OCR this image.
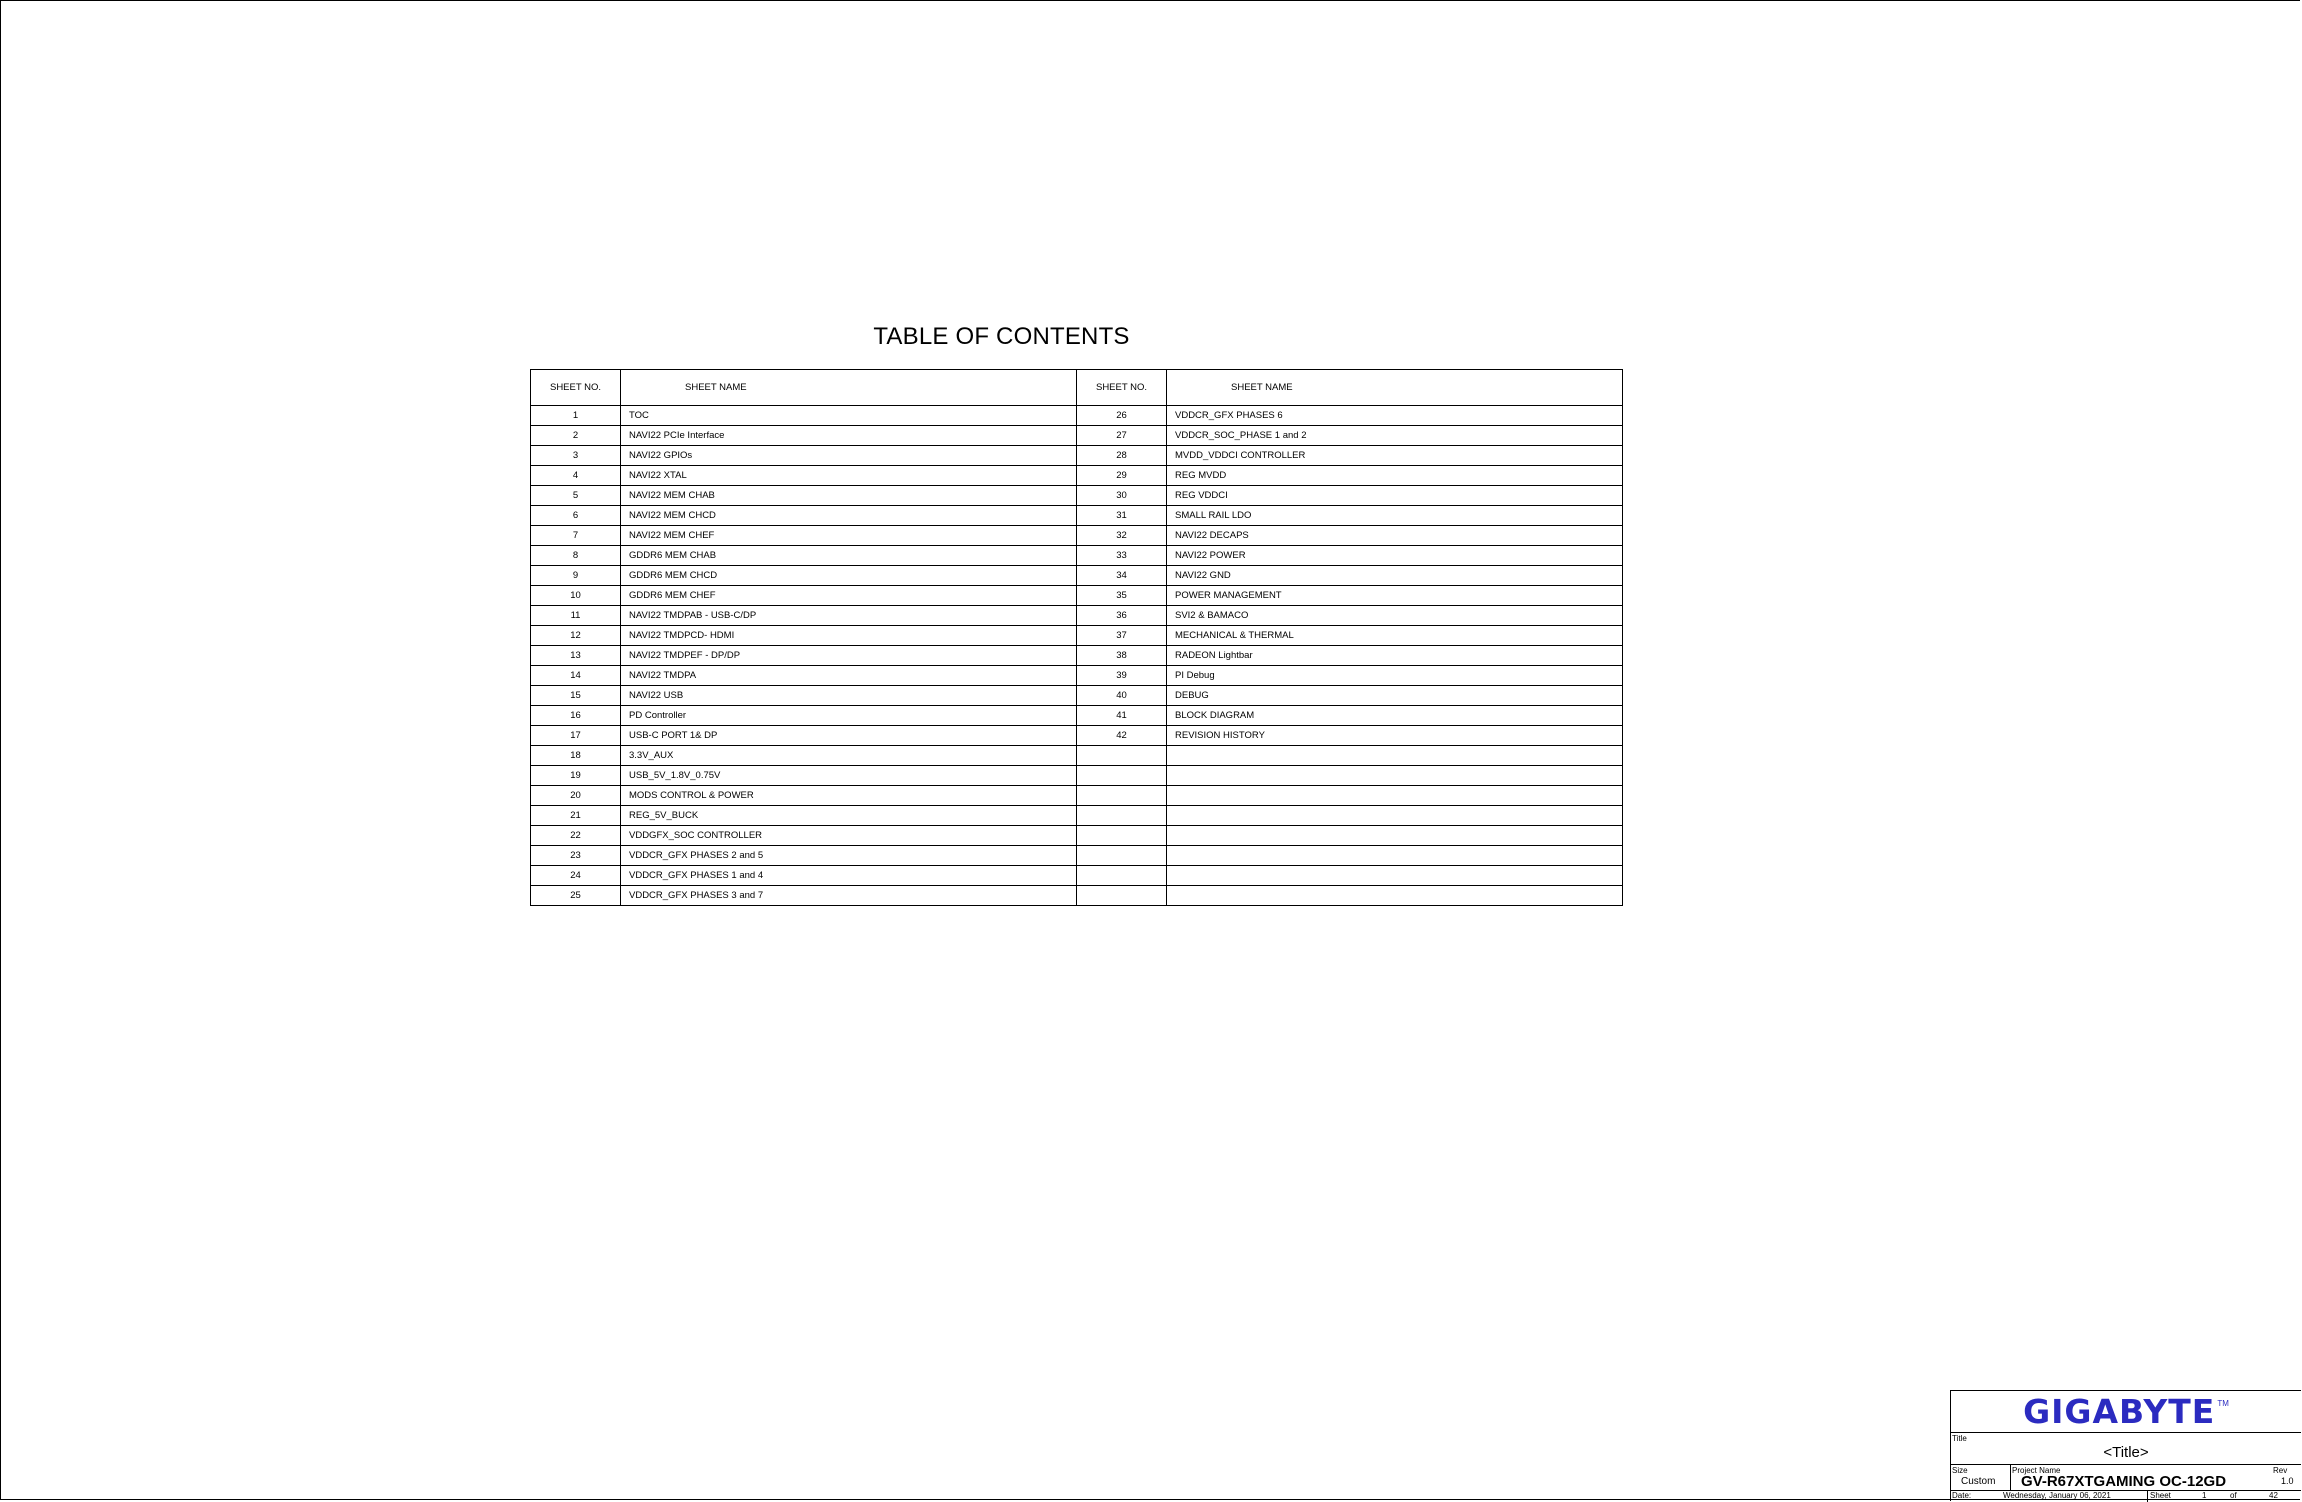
TABLE OF CONTENTS
SHEET NO.	SHEET NAME	SHEET NO.	SHEET NAME
1	TOC	26	VDDCR_GFX PHASES 6
2	NAVI22 PCIe Interface	27	VDDCR_SOC_PHASE 1 and 2
3	NAVI22 GPIOs	28	MVDD_VDDCI CONTROLLER
4	NAVI22 XTAL	29	REG MVDD
5	NAVI22 MEM CHAB	30	REG VDDCI
6	NAVI22 MEM CHCD	31	SMALL RAIL LDO
7	NAVI22 MEM CHEF	32	NAVI22 DECAPS
8	GDDR6 MEM CHAB	33	NAVI22 POWER
9	GDDR6 MEM CHCD	34	NAVI22 GND
10	GDDR6 MEM CHEF	35	POWER MANAGEMENT
11	NAVI22 TMDPAB - USB-C/DP	36	SVI2 & BAMACO
12	NAVI22 TMDPCD- HDMI	37	MECHANICAL & THERMAL
13	NAVI22 TMDPEF - DP/DP	38	RADEON Lightbar
14	NAVI22 TMDPA	39	PI Debug
15	NAVI22 USB	40	DEBUG
16	PD Controller	41	BLOCK DIAGRAM
17	USB-C PORT 1& DP	42	REVISION HISTORY
18	3.3V_AUX		
19	USB_5V_1.8V_0.75V		
20	MODS CONTROL & POWER		
21	REG_5V_BUCK		
22	VDDGFX_SOC CONTROLLER		
23	VDDCR_GFX PHASES 2 and 5		
24	VDDCR_GFX PHASES 1 and 4		
25	VDDCR_GFX PHASES 3 and 7		
GIGABYTE TM
Title
<Title>
Size
Custom
Project Name
GV-R67XTGAMING OC-12GD
Rev
1.0
Date:	Wednesday, January 06, 2021	Sheet	1	of	42
